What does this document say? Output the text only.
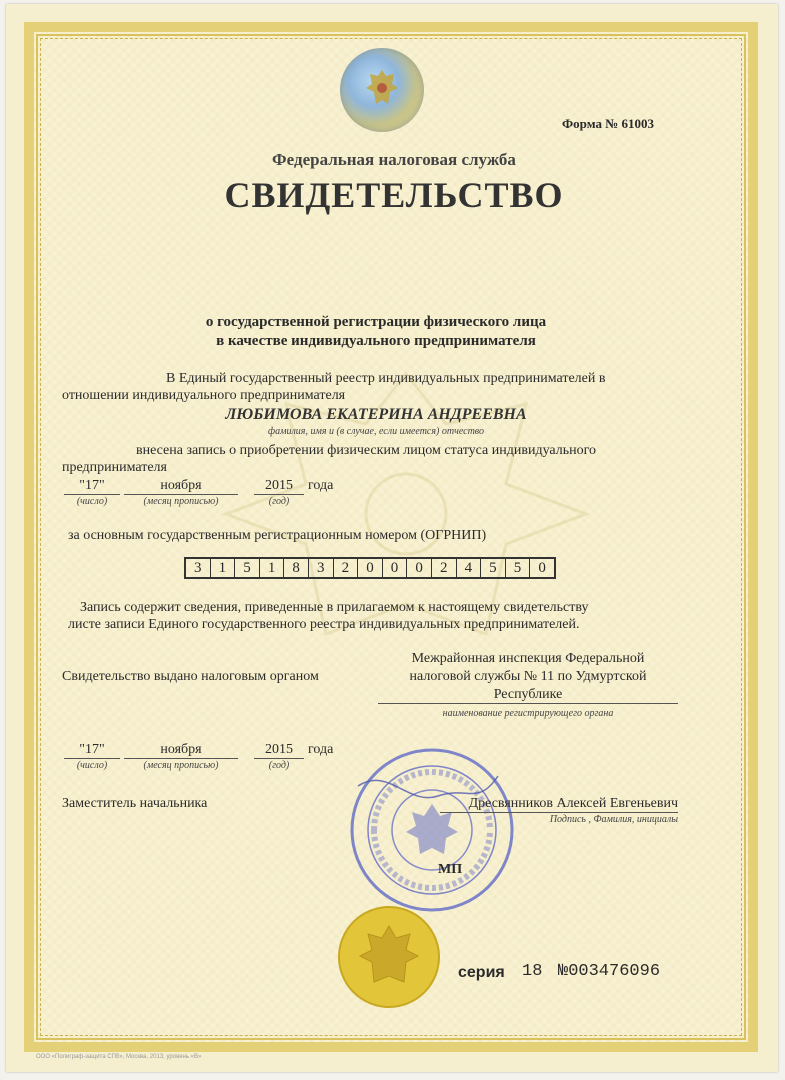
Форма № 61003
Федеральная налоговая служба
СВИДЕТЕЛЬСТВО
о государственной регистрации физического лица
в качестве индивидуального предпринимателя
В Единый государственный реестр индивидуальных предпринимателей в
отношении индивидуального предпринимателя
ЛЮБИМОВА ЕКАТЕРИНА АНДРЕЕВНА
фамилия, имя и (в случае, если имеется) отчество
внесена запись о приобретении физическим лицом статуса индивидуального
предпринимателя
"17"	ноября	2015	года
(число)	(месяц прописью)	(год)
за основным государственным регистрационным номером (ОГРНИП)
3	1	5	1	8	3	2	0	0	0	2	4	5	5	0
Запись содержит сведения, приведенные в прилагаемом к настоящему свидетельству
листе записи Единого государственного реестра индивидуальных предпринимателей.
Свидетельство выдано налоговым органом
Межрайонная инспекция Федеральной
налоговой службы № 11 по Удмуртской
Республике
наименование регистрирующего органа
"17"	ноября	2015	года
(число)	(месяц прописью)	(год)
Заместитель начальника	Дресвянников Алексей Евгеньевич
Подпись , Фамилия, инициалы
МП
серия 18 №003476096
ООО «Полиграф-защита СПб», Москва, 2013, уровень «В»
